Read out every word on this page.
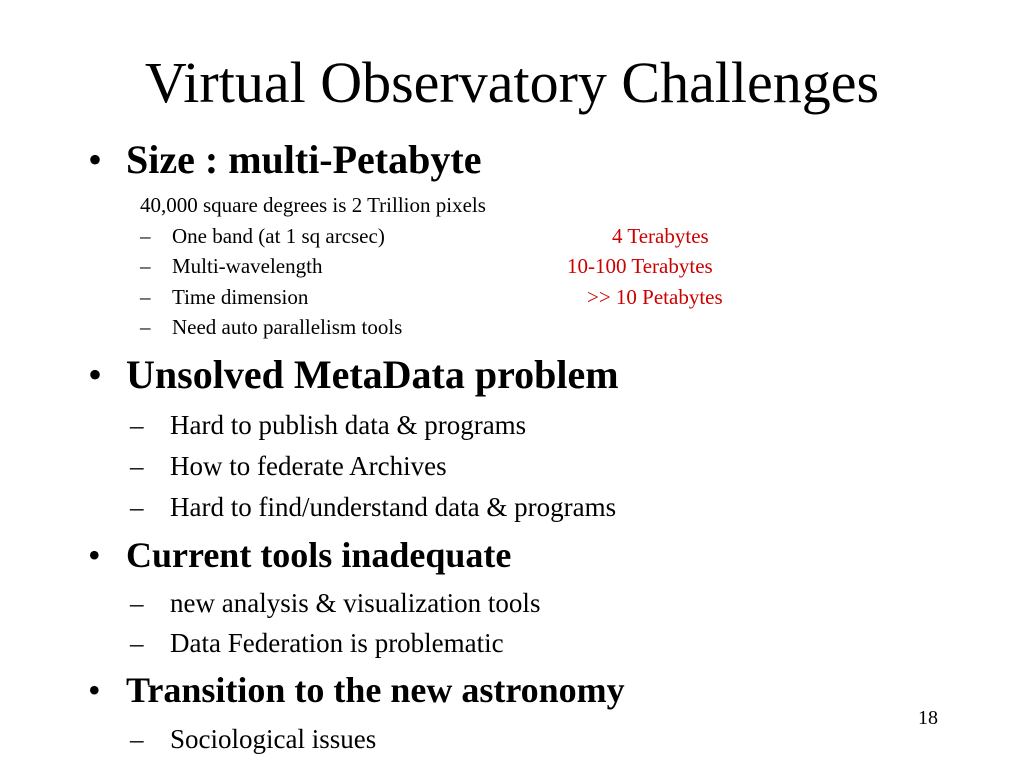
Virtual Observatory Challenges
• Size : multi-Petabyte
40,000 square degrees is 2 Trillion pixels
– One band (at 1 sq arcsec)	4 Terabytes
– Multi-wavelength	10-100 Terabytes
– Time dimension	>> 10 Petabytes
– Need auto parallelism tools
• Unsolved MetaData problem
– Hard to publish data & programs
– How to federate Archives
– Hard to find/understand data & programs
• Current tools inadequate
– new analysis & visualization tools
– Data Federation is problematic
• Transition to the new astronomy
– Sociological issues
18
